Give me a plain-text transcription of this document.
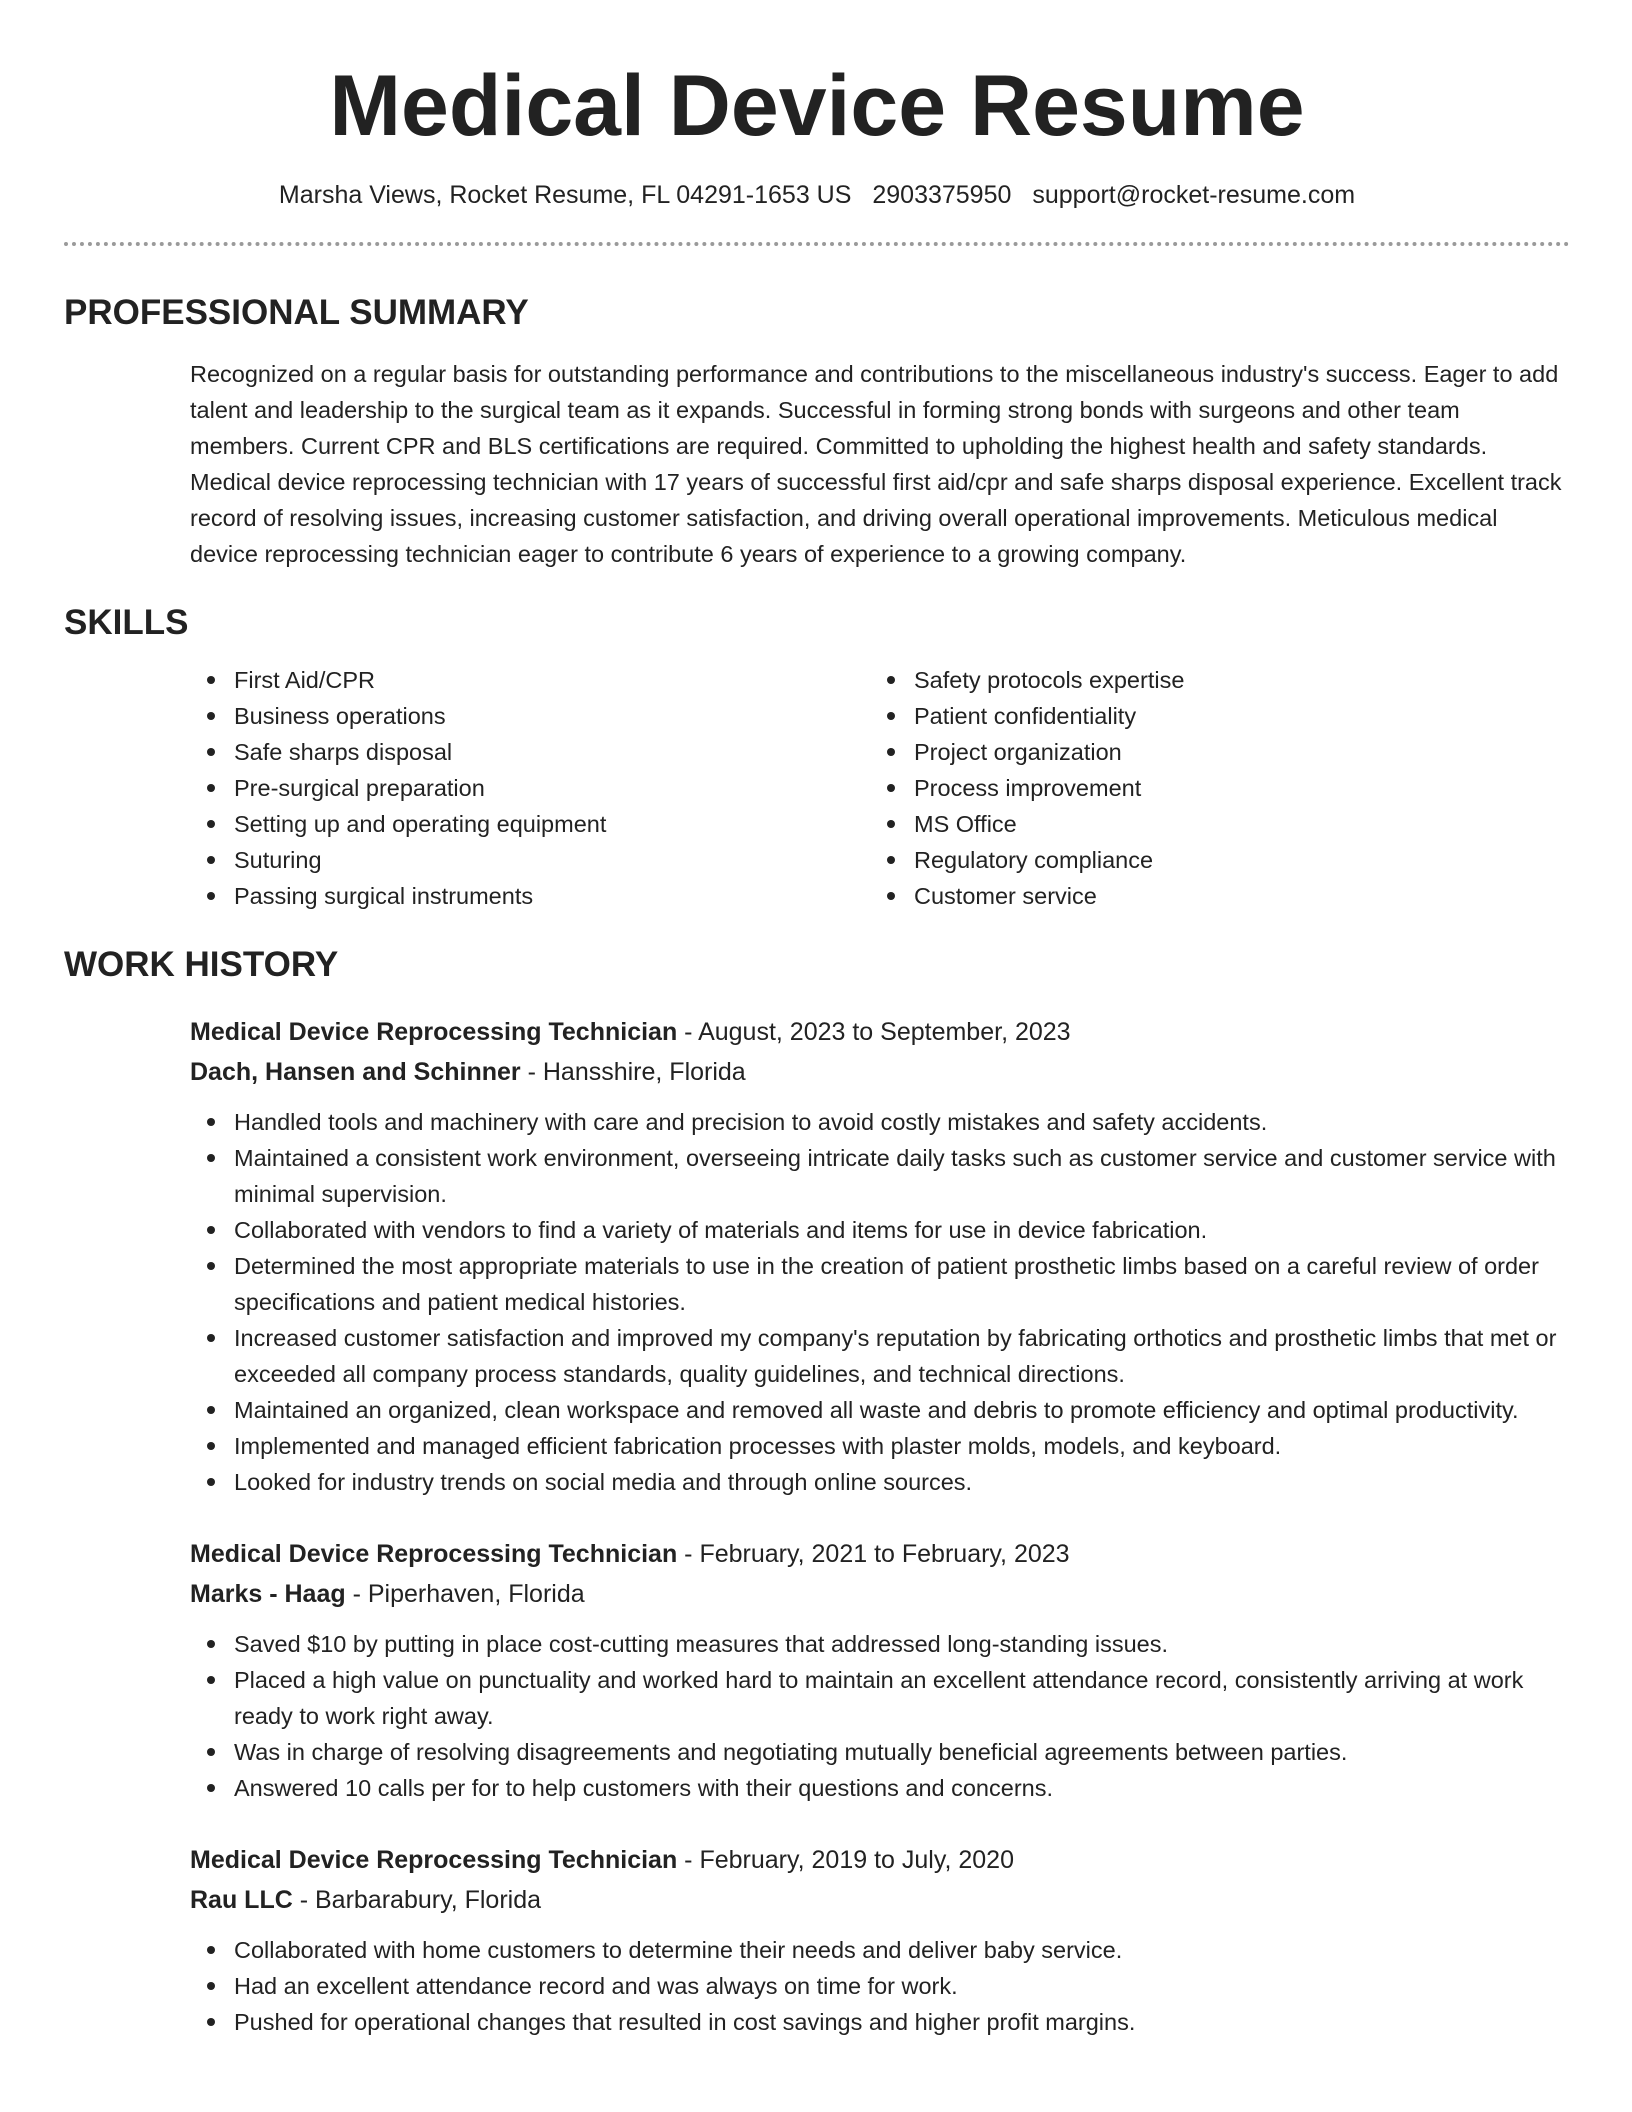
Medical Device Resume
Marsha Views, Rocket Resume, FL 04291-1653 US 2903375950 support@rocket-resume.com
PROFESSIONAL SUMMARY

Recognized on a regular basis for outstanding performance and contributions to the miscellaneous industry's success. Eager to add talent and leadership to the surgical team as it expands. Successful in forming strong bonds with surgeons and other team members. Current CPR and BLS certifications are required. Committed to upholding the highest health and safety standards. Medical device reprocessing technician with 17 years of successful first aid/cpr and safe sharps disposal experience. Excellent track record of resolving issues, increasing customer satisfaction, and driving overall operational improvements. Meticulous medical device reprocessing technician eager to contribute 6 years of experience to a growing company.

SKILLS
First Aid/CPR
Business operations
Safe sharps disposal
Pre-surgical preparation
Setting up and operating equipment
Suturing
Passing surgical instruments
Safety protocols expertise
Patient confidentiality
Project organization
Process improvement
MS Office
Regulatory compliance
Customer service
WORK HISTORY
Medical Device Reprocessing Technician - August, 2023 to September, 2023
Dach, Hansen and Schinner - Hansshire, Florida
Handled tools and machinery with care and precision to avoid costly mistakes and safety accidents.
Maintained a consistent work environment, overseeing intricate daily tasks such as customer service and customer service with minimal supervision.
Collaborated with vendors to find a variety of materials and items for use in device fabrication.
Determined the most appropriate materials to use in the creation of patient prosthetic limbs based on a careful review of order specifications and patient medical histories.
Increased customer satisfaction and improved my company's reputation by fabricating orthotics and prosthetic limbs that met or exceeded all company process standards, quality guidelines, and technical directions.
Maintained an organized, clean workspace and removed all waste and debris to promote efficiency and optimal productivity.
Implemented and managed efficient fabrication processes with plaster molds, models, and keyboard.
Looked for industry trends on social media and through online sources.
Medical Device Reprocessing Technician - February, 2021 to February, 2023
Marks - Haag - Piperhaven, Florida
Saved $10 by putting in place cost-cutting measures that addressed long-standing issues.
Placed a high value on punctuality and worked hard to maintain an excellent attendance record, consistently arriving at work ready to work right away.
Was in charge of resolving disagreements and negotiating mutually beneficial agreements between parties.
Answered 10 calls per for to help customers with their questions and concerns.
Medical Device Reprocessing Technician - February, 2019 to July, 2020
Rau LLC - Barbarabury, Florida
Collaborated with home customers to determine their needs and deliver baby service.
Had an excellent attendance record and was always on time for work.
Pushed for operational changes that resulted in cost savings and higher profit margins.
